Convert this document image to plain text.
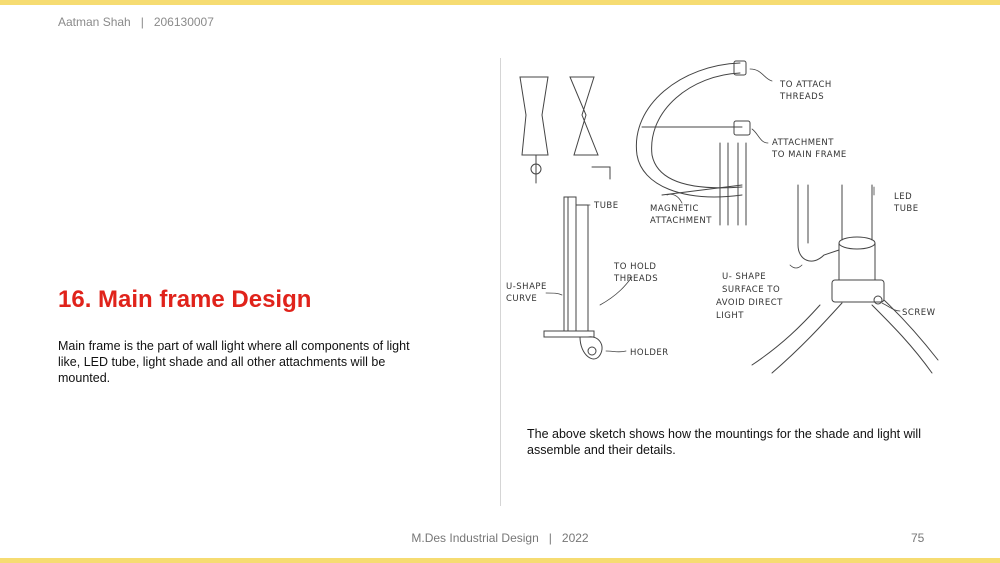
Aatman Shah   |   206130007
16. Main frame Design
Main frame is the part of wall light where all components of light like, LED tube, light shade and all other attachments will be mounted.
TO ATTACH
THREADS
ATTACHMENT
TO MAIN FRAME
TUBE	MAGNETIC
ATTACHMENT
LED
TUBE
TO HOLD
THREADS
U-SHAPE
CURVE
U- SHAPE
SURFACE TO
AVOID DIRECT
LIGHT	SCREW
HOLDER
The above sketch shows how the mountings for the shade and light will assemble and their details.
M.Des Industrial Design   |   2022	75
